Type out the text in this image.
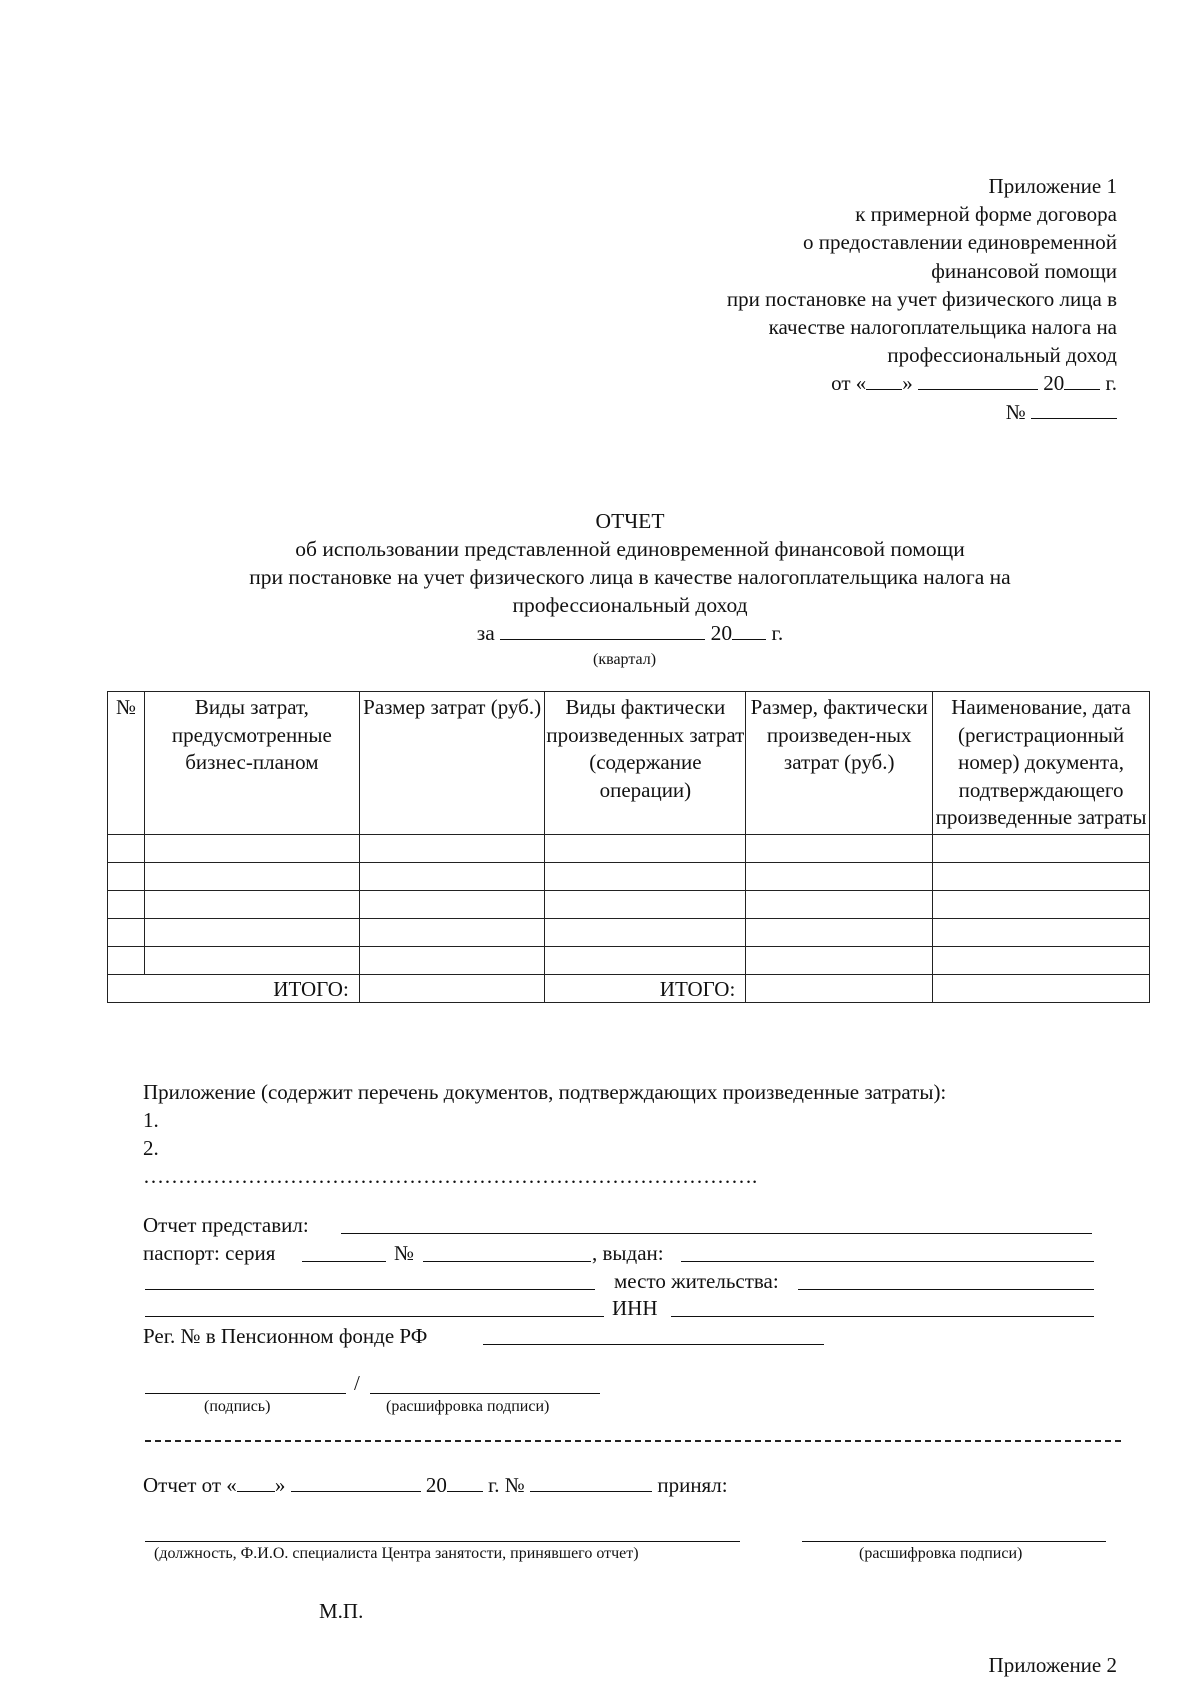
Приложение 1
к примерной форме договора
о предоставлении единовременной
финансовой помощи
при постановке на учет физического лица в
качестве налогоплательщика налога на
профессиональный доход
от « »	20 г.
№
ОТЧЕТ
об использовании представленной единовременной финансовой помощи
при постановке на учет физического лица в качестве налогоплательщика налога на
профессиональный доход
за	20 г.
(квартал)
№	Виды затрат, предусмотренные бизнес-планом	Размер затрат (руб.)	Виды фактически произведенных затрат (содержание операции)	Размер, фактически произведен-ных затрат (руб.)	Наименование, дата (регистрационный номер) документа, подтверждающего произведенные затраты

ИТОГО:			ИТОГО:		
Приложение (содержит перечень документов, подтверждающих произведенные затраты):
1.
2.
…………………………………………………………………………….
Отчет представил:
паспорт: серия	№	, выдан:
место жительства:
ИНН
Рег. № в Пенсионном фонде РФ
/
(подпись)	(расшифровка подписи)
Отчет от « »	20 г. №	принял:
(должность, Ф.И.О. специалиста Центра занятости, принявшего отчет)	(расшифровка подписи)
М.П.
Приложение 2
